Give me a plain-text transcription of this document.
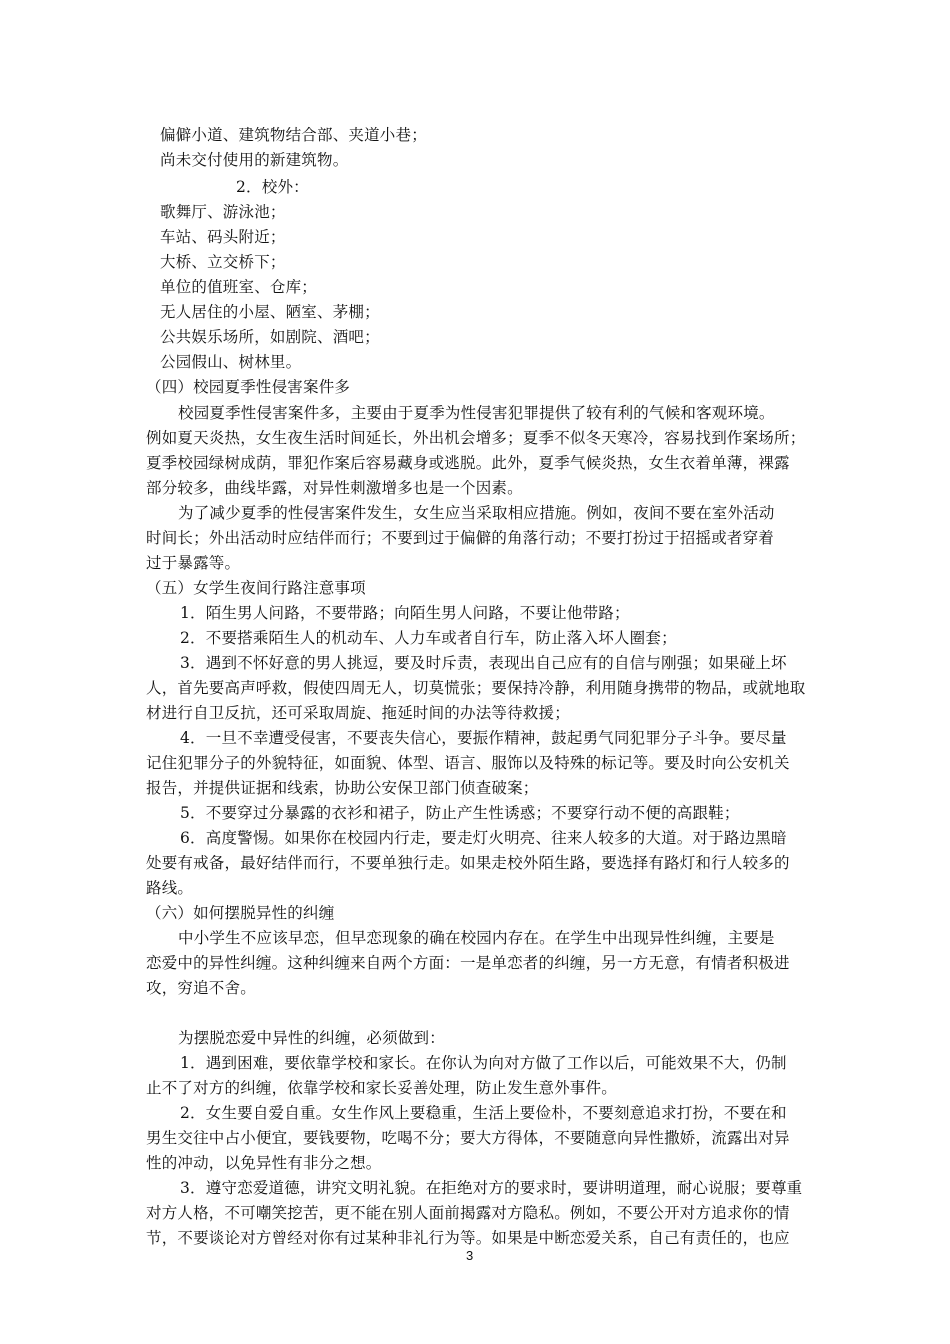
偏僻小道、建筑物结合部、夹道小巷；
尚未交付使用的新建筑物。
2．校外：
歌舞厅、游泳池；
车站、码头附近；
大桥、立交桥下；
单位的值班室、仓库；
无人居住的小屋、陋室、茅棚；
公共娱乐场所，如剧院、酒吧；
公园假山、树林里。
（四）校园夏季性侵害案件多
校园夏季性侵害案件多，主要由于夏季为性侵害犯罪提供了较有利的气候和客观环境。
例如夏天炎热，女生夜生活时间延长，外出机会增多；夏季不似冬天寒冷，容易找到作案场所；
夏季校园绿树成荫，罪犯作案后容易藏身或逃脱。此外，夏季气候炎热，女生衣着单薄，裸露
部分较多，曲线毕露，对异性刺激增多也是一个因素。
为了减少夏季的性侵害案件发生，女生应当采取相应措施。例如，夜间不要在室外活动
时间长；外出活动时应结伴而行；不要到过于偏僻的角落行动；不要打扮过于招摇或者穿着
过于暴露等。
（五）女学生夜间行路注意事项
1．陌生男人问路，不要带路；向陌生男人问路，不要让他带路；
2．不要搭乘陌生人的机动车、人力车或者自行车，防止落入坏人圈套；
3．遇到不怀好意的男人挑逗，要及时斥责，表现出自己应有的自信与刚强；如果碰上坏
人，首先要高声呼救，假使四周无人，切莫慌张；要保持冷静，利用随身携带的物品，或就地取
材进行自卫反抗，还可采取周旋、拖延时间的办法等待救援；
4．一旦不幸遭受侵害，不要丧失信心，要振作精神，鼓起勇气同犯罪分子斗争。要尽量
记住犯罪分子的外貌特征，如面貌、体型、语言、服饰以及特殊的标记等。要及时向公安机关
报告，并提供证据和线索，协助公安保卫部门侦查破案；
5．不要穿过分暴露的衣衫和裙子，防止产生性诱惑；不要穿行动不便的高跟鞋；
6．高度警惕。如果你在校园内行走，要走灯火明亮、往来人较多的大道。对于路边黑暗
处要有戒备，最好结伴而行，不要单独行走。如果走校外陌生路，要选择有路灯和行人较多的
路线。
（六）如何摆脱异性的纠缠
中小学生不应该早恋，但早恋现象的确在校园内存在。在学生中出现异性纠缠，主要是
恋爱中的异性纠缠。这种纠缠来自两个方面：一是单恋者的纠缠，另一方无意，有情者积极进
攻，穷追不舍。
为摆脱恋爱中异性的纠缠，必须做到：
1．遇到困难，要依靠学校和家长。在你认为向对方做了工作以后，可能效果不大，仍制
止不了对方的纠缠，依靠学校和家长妥善处理，防止发生意外事件。
2．女生要自爱自重。女生作风上要稳重，生活上要俭朴，不要刻意追求打扮，不要在和
男生交往中占小便宜，要钱要物，吃喝不分；要大方得体，不要随意向异性撒娇，流露出对异
性的冲动，以免异性有非分之想。
3．遵守恋爱道德，讲究文明礼貌。在拒绝对方的要求时，要讲明道理，耐心说服；要尊重
对方人格，不可嘲笑挖苦，更不能在别人面前揭露对方隐私。例如，不要公开对方追求你的情
节，不要谈论对方曾经对你有过某种非礼行为等。如果是中断恋爱关系，自己有责任的，也应
3
